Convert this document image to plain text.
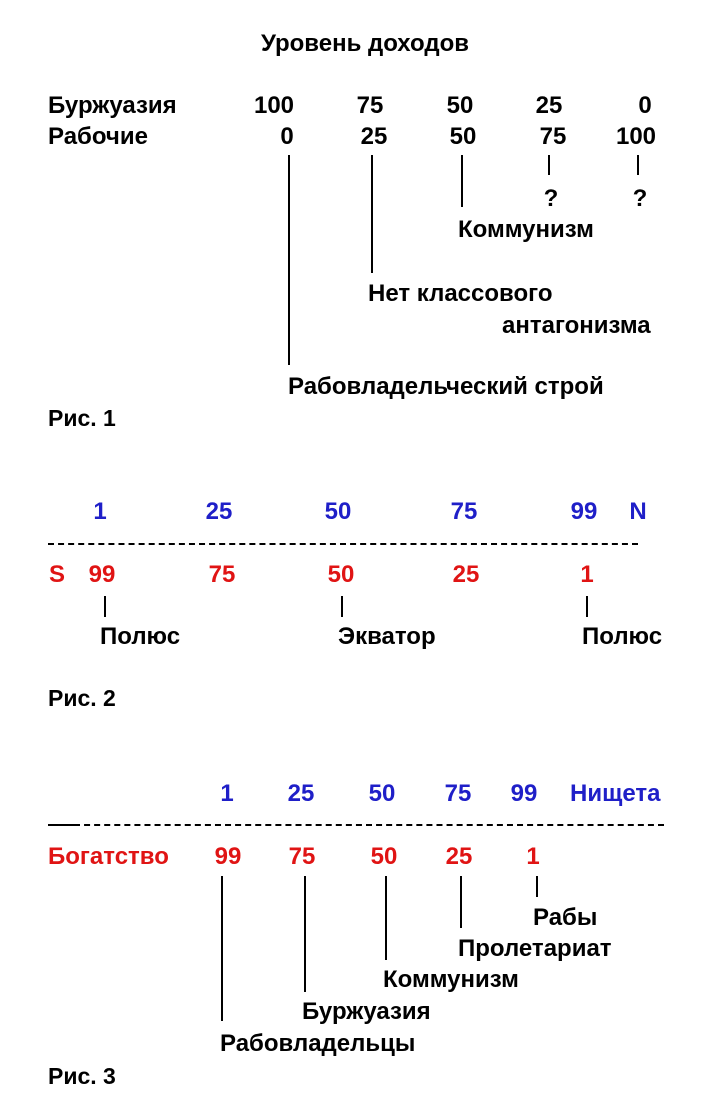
Уровень доходов
Буржуазия	100	75	50	25	0
Рабочие	0	25	50	75 100
?	?
Коммунизм
Нет классового
антагонизма
Рабовладельческий строй
Рис. 1
1	25	50	75	99 N
S 99	75	50	25	1
Полюс	Экватор	Полюс
Рис. 2
1 25 50 75 99 Нищета
Богатство 99 75 50 25 1
Рабы
Пролетариат
Коммунизм
Буржуазия
Рабовладельцы
Рис. 3
